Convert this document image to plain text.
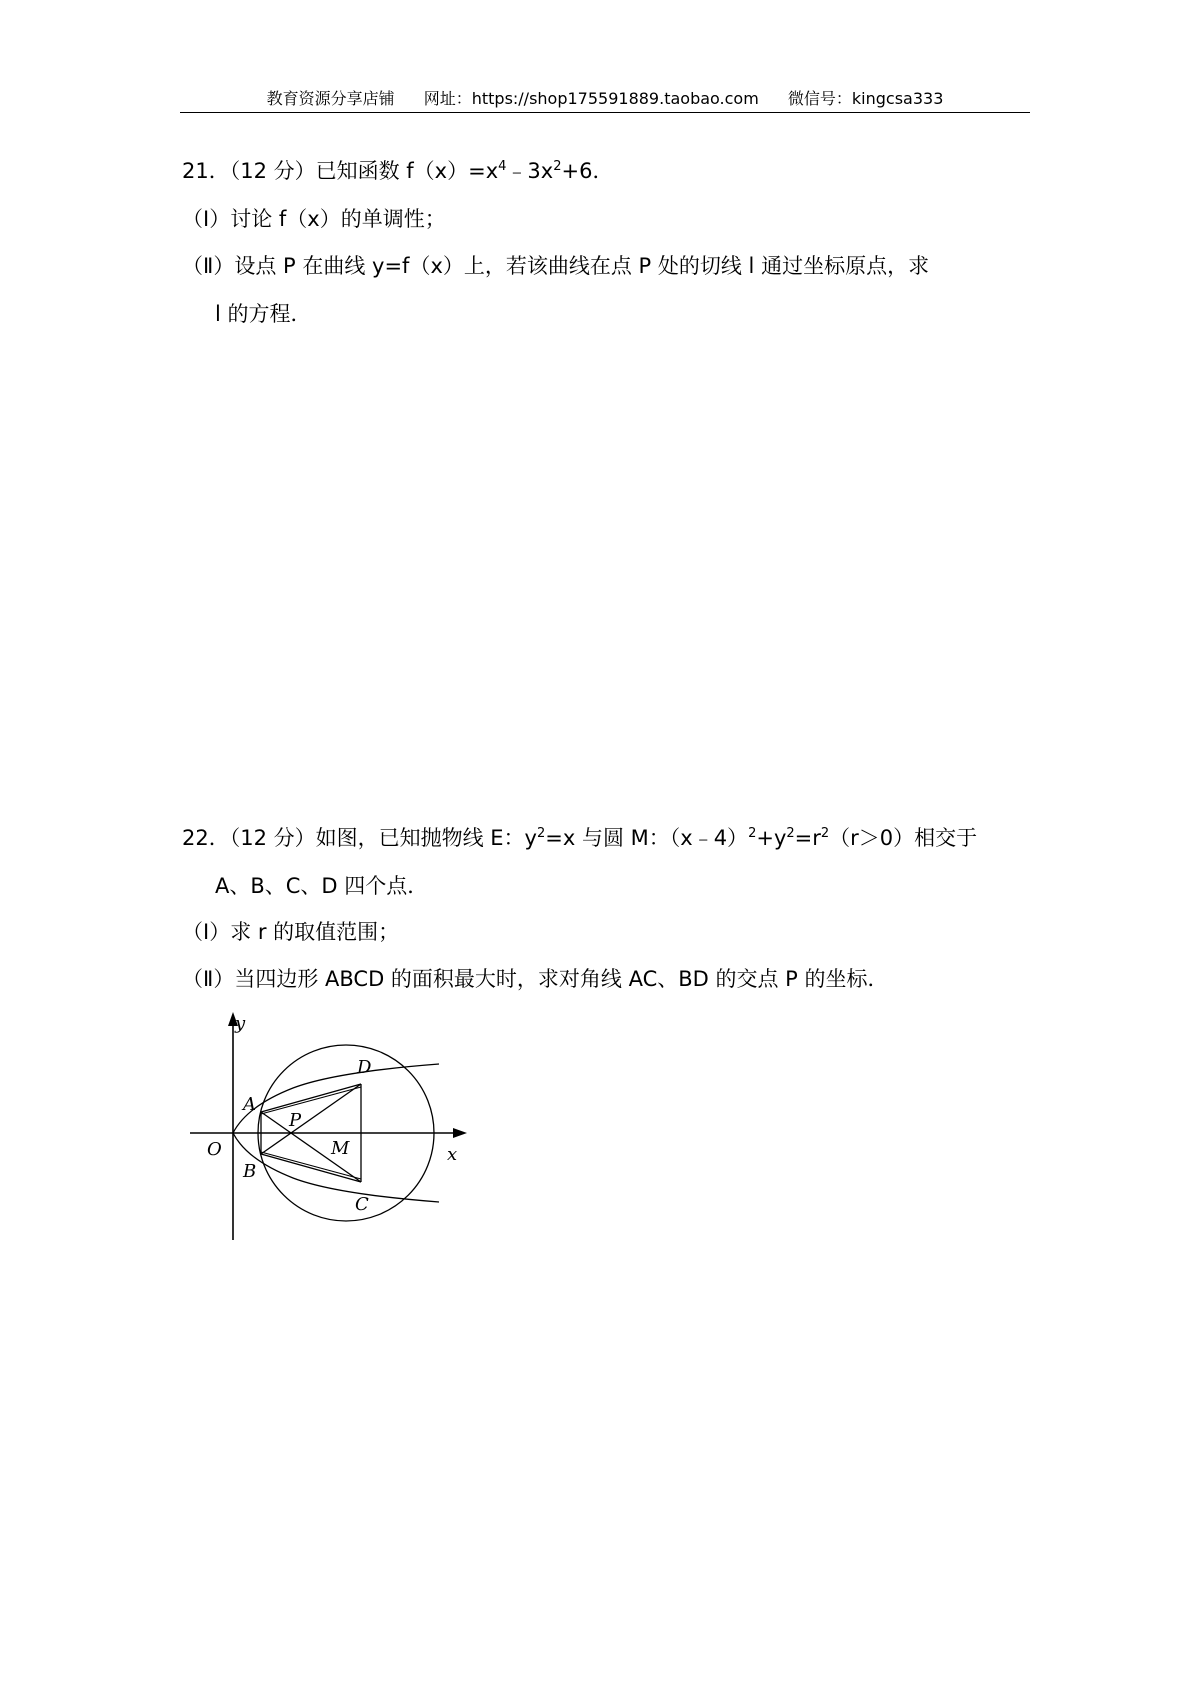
教育资源分享店铺 网址：https://shop175591889.taobao.com 微信号：kingcsa333
21．（12 分）已知函数 $f(x)=x^4﹣3x^2+6$．
（Ⅰ）讨论 f（x）的单调性；
（Ⅱ）设点 P 在曲线 y=f（x）上，若该曲线在点 P 处的切线 l 通过坐标原点，求
l 的方程．
22．（12 分）如图，已知抛物线 E：$y^2=x$ 与圆 M：$(x﹣4)^2+y^2=r^2(r>0)$相交于
A、B、C、D 四个点．
（Ⅰ）求 r 的取值范围；
（Ⅱ）当四边形 ABCD 的面积最大时，求对角线 AC、BD 的交点 P 的坐标．
y
x
O
A
B
C
D
P
M
